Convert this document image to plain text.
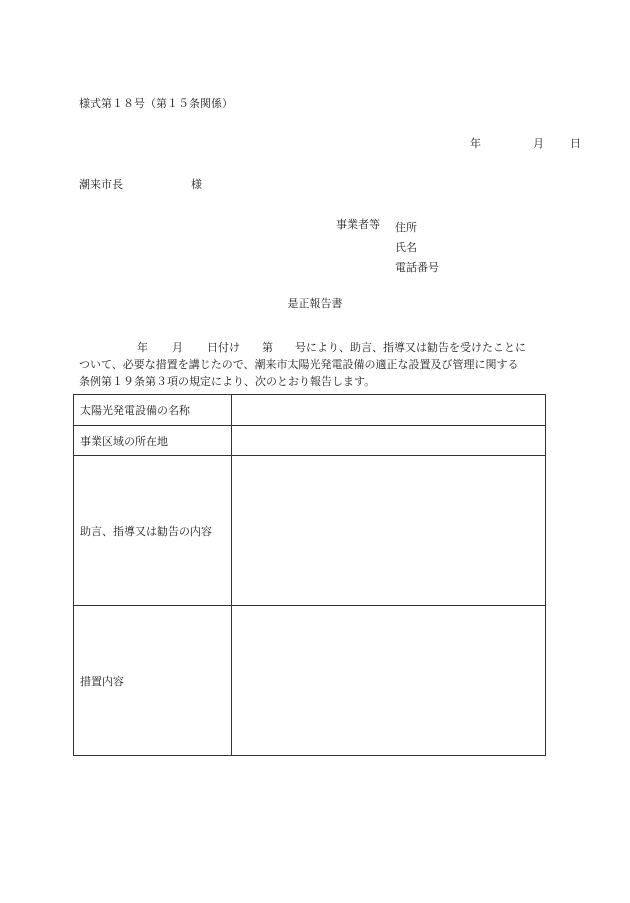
様式第１８号（第１５条関係）
年	月 日
潮来市長	様
事業者等 住所
氏名
電話番号
是正報告書
年 月 日付け 第 号により、助言、指導又は勧告を受けたことに
ついて、必要な措置を講じたので、潮来市太陽光発電設備の適正な設置及び管理に関する
条例第１９条第３項の規定により、次のとおり報告します。
太陽光発電設備の名称	
事業区域の所在地	
助言、指導又は勧告の内容	
措置内容	
